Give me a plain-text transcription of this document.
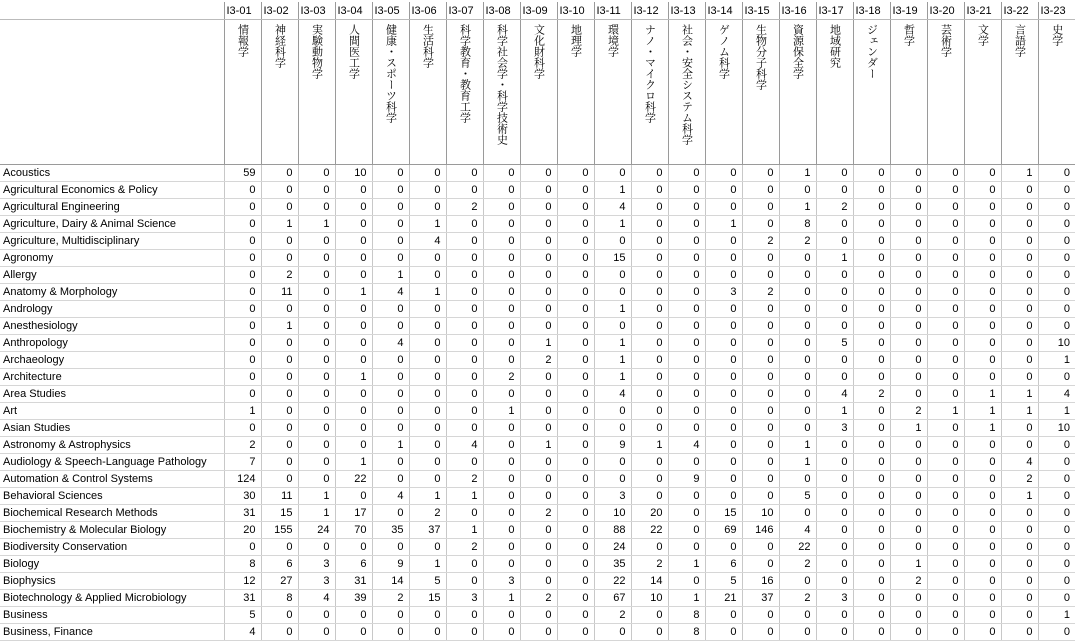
	I3-01	I3-02	I3-03	I3-04	I3-05	I3-06	I3-07	I3-08	I3-09	I3-10	I3-11	I3-12	I3-13	I3-14	I3-15	I3-16	I3-17	I3-18	I3-19	I3-20	I3-21	I3-22	I3-23

	情報学	神経科学	実験動物学	人間医工学	健康・スポーツ科学	生活科学	科学教育・教育工学	科学社会学・科学技術史	文化財科学	地理学	環境学	ナノ・マイクロ科学	社会・安全システム科学	ゲノム科学	生物分子科学	資源保全学	地域研究	ジェンダー	哲学	芸術学	文学	言語学	史学

Acoustics	59	0	0	10	0	0	0	0	0	0	0	0	0	0	0	1	0	0	0	0	0	1	0
Agricultural Economics & Policy	0	0	0	0	0	0	0	0	0	0	1	0	0	0	0	0	0	0	0	0	0	0	0
Agricultural Engineering	0	0	0	0	0	0	2	0	0	0	4	0	0	0	0	1	2	0	0	0	0	0	0
Agriculture, Dairy & Animal Science	0	1	1	0	0	1	0	0	0	0	1	0	0	1	0	8	0	0	0	0	0	0	0
Agriculture, Multidisciplinary	0	0	0	0	0	4	0	0	0	0	0	0	0	0	2	2	0	0	0	0	0	0	0
Agronomy	0	0	0	0	0	0	0	0	0	0	15	0	0	0	0	0	1	0	0	0	0	0	0
Allergy	0	2	0	0	1	0	0	0	0	0	0	0	0	0	0	0	0	0	0	0	0	0	0
Anatomy & Morphology	0	11	0	1	4	1	0	0	0	0	0	0	0	3	2	0	0	0	0	0	0	0	0
Andrology	0	0	0	0	0	0	0	0	0	0	1	0	0	0	0	0	0	0	0	0	0	0	0
Anesthesiology	0	1	0	0	0	0	0	0	0	0	0	0	0	0	0	0	0	0	0	0	0	0	0
Anthropology	0	0	0	0	4	0	0	0	1	0	1	0	0	0	0	0	5	0	0	0	0	0	10
Archaeology	0	0	0	0	0	0	0	0	2	0	1	0	0	0	0	0	0	0	0	0	0	0	1
Architecture	0	0	0	1	0	0	0	2	0	0	1	0	0	0	0	0	0	0	0	0	0	0	0
Area Studies	0	0	0	0	0	0	0	0	0	0	4	0	0	0	0	0	4	2	0	0	1	1	4
Art	1	0	0	0	0	0	0	1	0	0	0	0	0	0	0	0	1	0	2	1	1	1	1
Asian Studies	0	0	0	0	0	0	0	0	0	0	0	0	0	0	0	0	3	0	1	0	1	0	10
Astronomy & Astrophysics	2	0	0	0	1	0	4	0	1	0	9	1	4	0	0	1	0	0	0	0	0	0	0
Audiology & Speech-Language Pathology	7	0	0	1	0	0	0	0	0	0	0	0	0	0	0	1	0	0	0	0	0	4	0
Automation & Control Systems	124	0	0	22	0	0	2	0	0	0	0	0	9	0	0	0	0	0	0	0	0	2	0
Behavioral Sciences	30	11	1	0	4	1	1	0	0	0	3	0	0	0	0	5	0	0	0	0	0	1	0
Biochemical Research Methods	31	15	1	17	0	2	0	0	2	0	10	20	0	15	10	0	0	0	0	0	0	0	0
Biochemistry & Molecular Biology	20	155	24	70	35	37	1	0	0	0	88	22	0	69	146	4	0	0	0	0	0	0	0
Biodiversity Conservation	0	0	0	0	0	0	2	0	0	0	24	0	0	0	0	22	0	0	0	0	0	0	0
Biology	8	6	3	6	9	1	0	0	0	0	35	2	1	6	0	2	0	0	1	0	0	0	0
Biophysics	12	27	3	31	14	5	0	3	0	0	22	14	0	5	16	0	0	0	2	0	0	0	0
Biotechnology & Applied Microbiology	31	8	4	39	2	15	3	1	2	0	67	10	1	21	37	2	3	0	0	0	0	0	0
Business	5	0	0	0	0	0	0	0	0	0	2	0	8	0	0	0	0	0	0	0	0	0	1
Business, Finance	4	0	0	0	0	0	0	0	0	0	0	0	8	0	0	0	0	0	0	0	0	0	0
